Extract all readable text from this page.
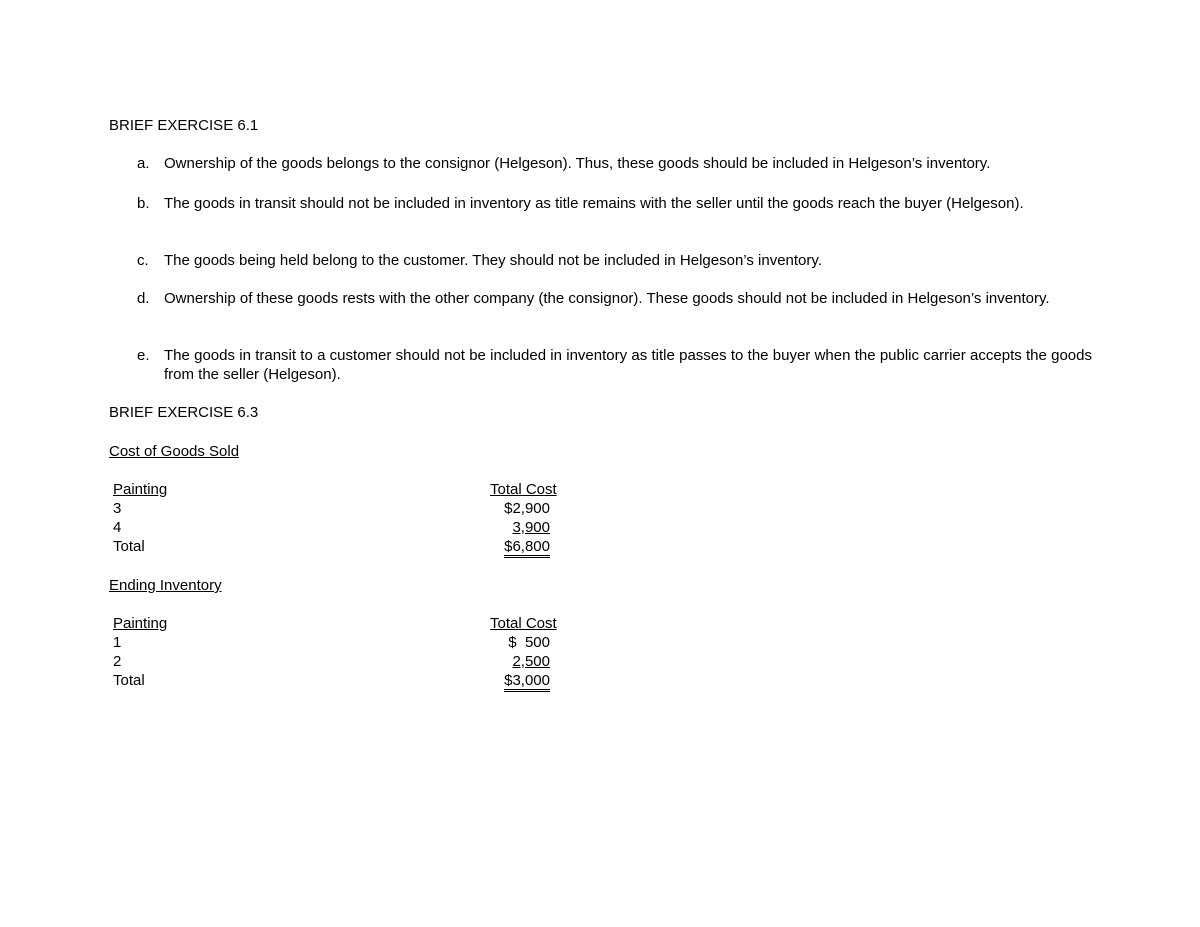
BRIEF EXERCISE 6.1
a. Ownership of the goods belongs to the consignor (Helgeson). Thus, these goods should be included in Helgeson’s inventory.
b. The goods in transit should not be included in inventory as title remains with the seller until the goods reach the buyer (Helgeson).
c. The goods being held belong to the customer. They should not be included in Helgeson’s inventory.
d. Ownership of these goods rests with the other company (the consignor). These goods should not be included in Helgeson’s inventory.
e. The goods in transit to a customer should not be included in inventory as title passes to the buyer when the public carrier accepts the goods from the seller (Helgeson).
BRIEF EXERCISE 6.3
Cost of Goods Sold
Painting	Total Cost
3	$2,900
4	3,900
Total	$6,800
Ending Inventory
Painting	Total Cost
1	$  500
2	2,500
Total	$3,000
